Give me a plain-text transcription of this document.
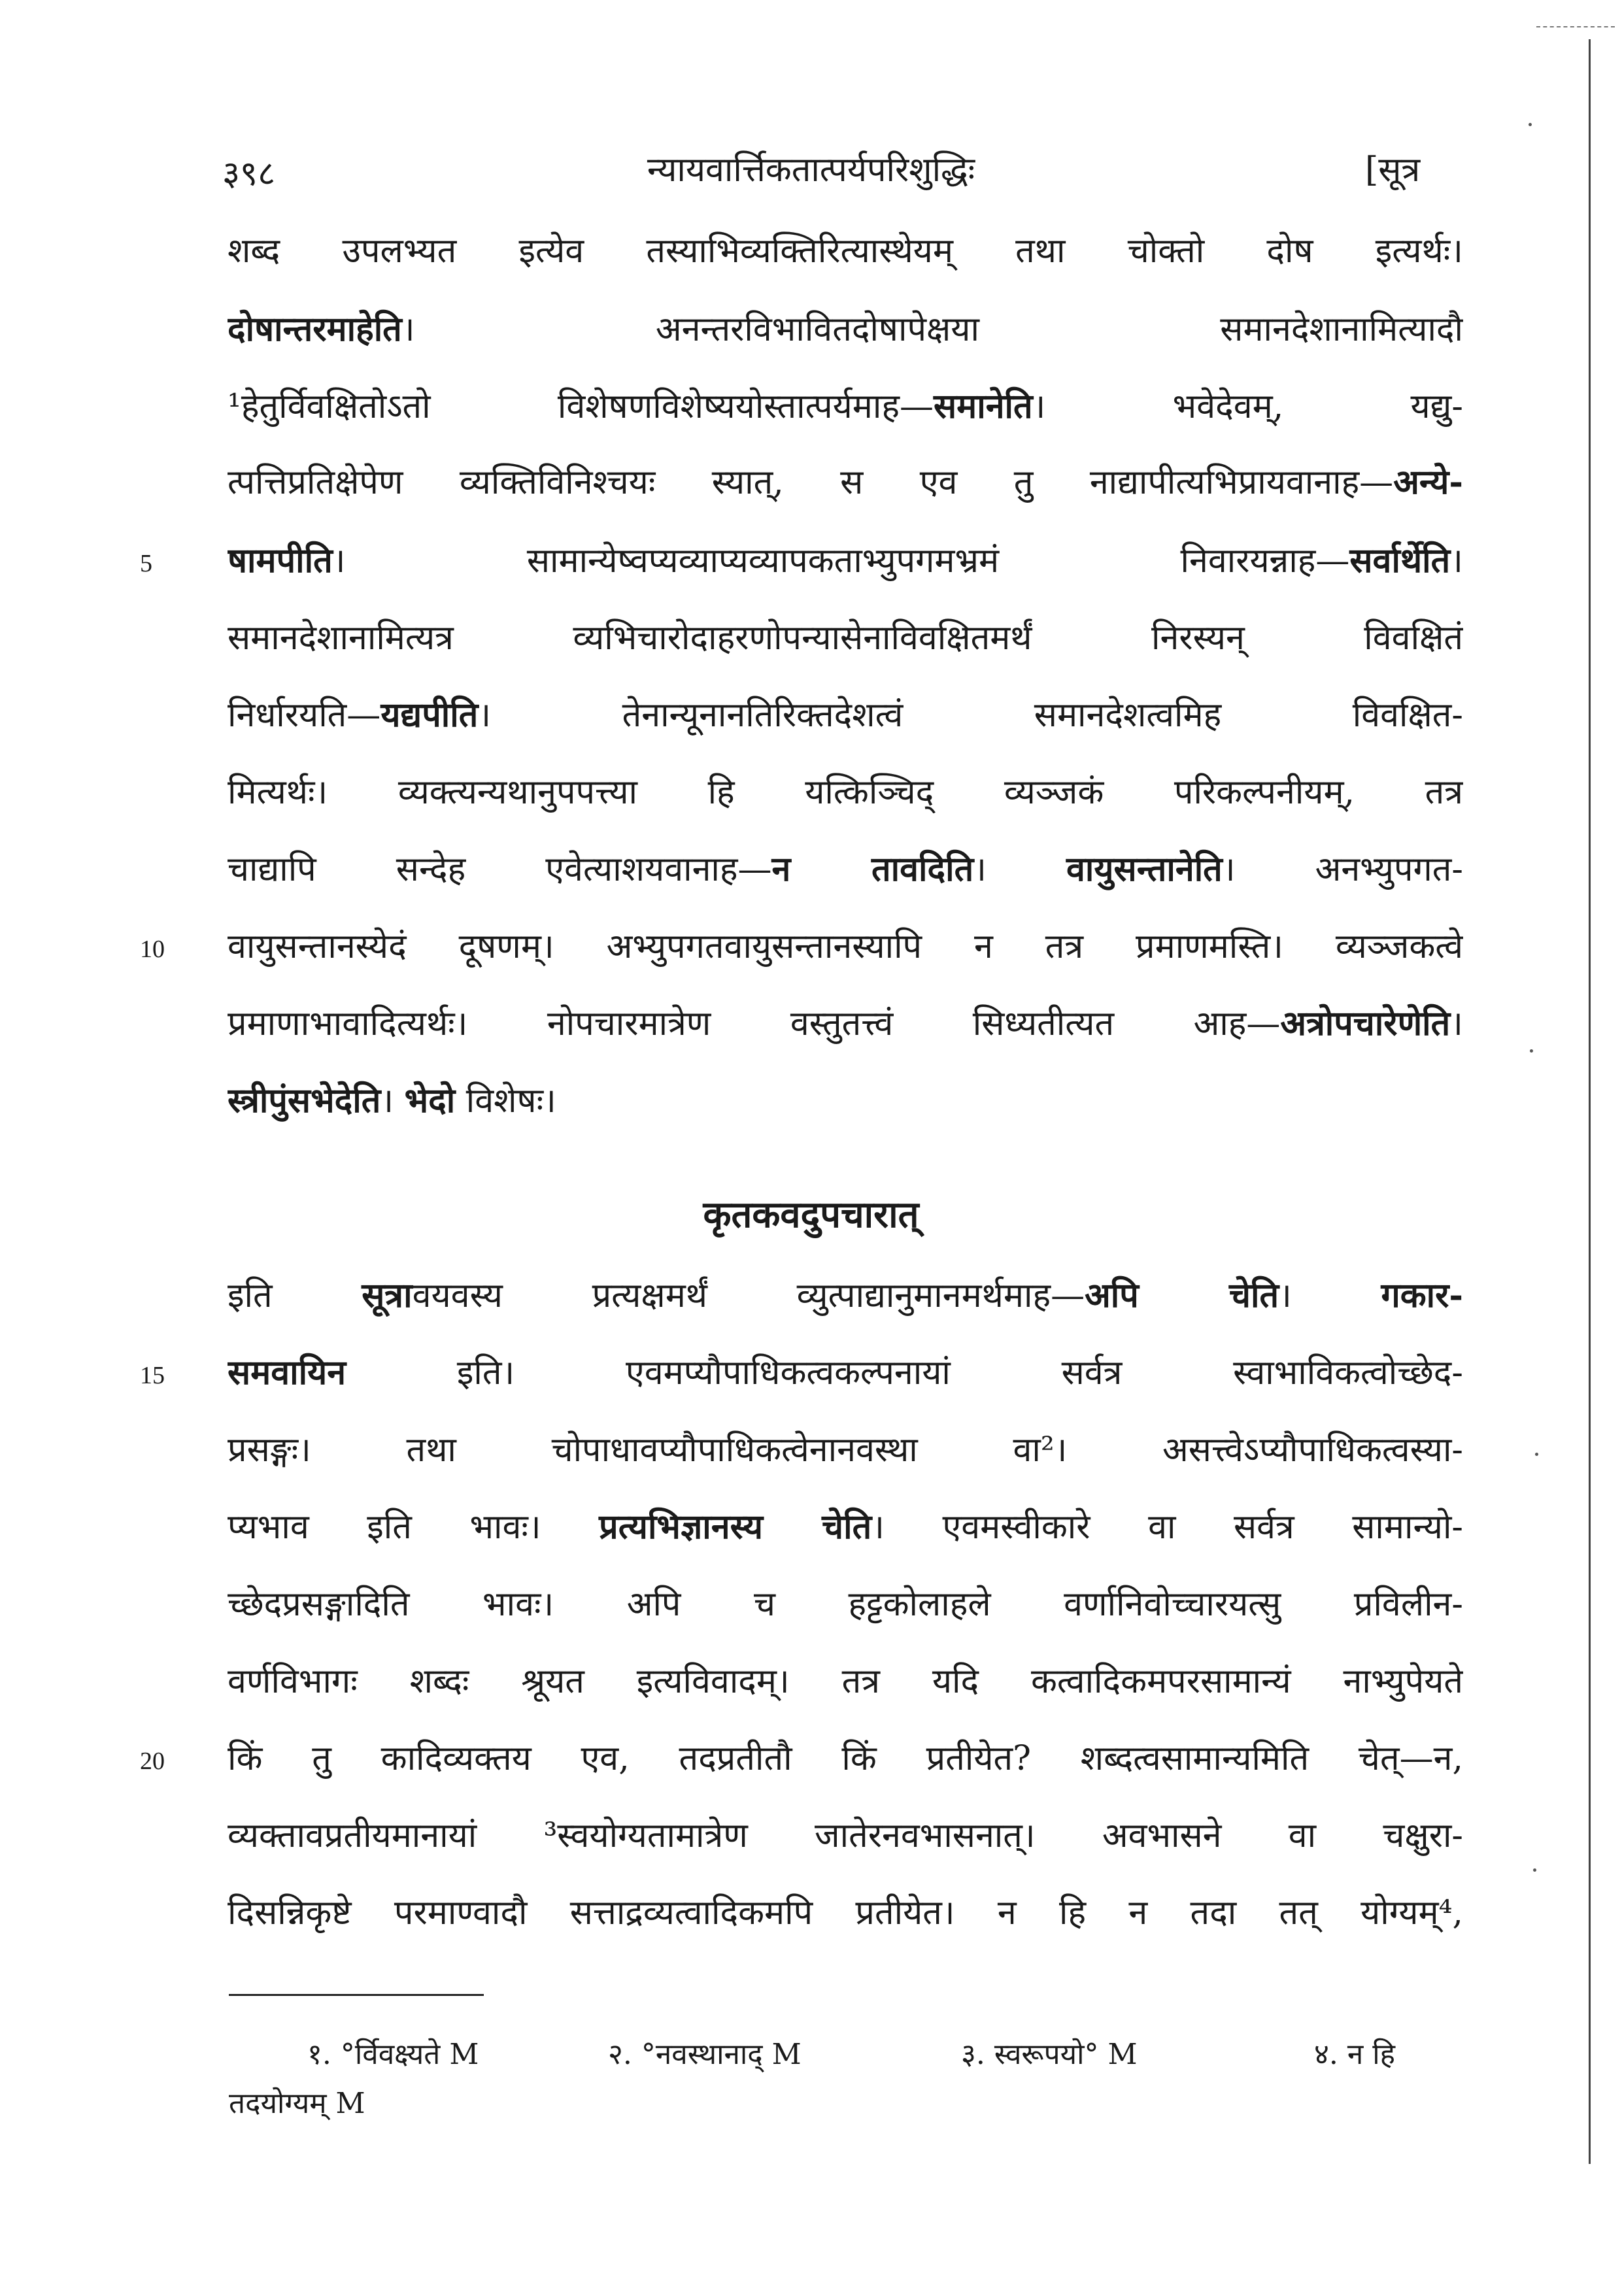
३९८	न्यायवार्त्तिकतात्पर्यपरिशुद्धिः	[सूत्र
शब्द उपलभ्यत इत्येव तस्याभिव्यक्तिरित्यास्थेयम् तथा चोक्तो दोष इत्यर्थः।
दोषान्तरमाहेति। अनन्तरविभावितदोषापेक्षया समानदेशानामित्यादौ
¹हेतुर्विवक्षितोऽतो विशेषणविशेष्ययोस्तात्पर्यमाह—समानेति। भवेदेवम्, यद्यु-
त्पत्तिप्रतिक्षेपेण व्यक्तिविनिश्चयः स्यात्, स एव तु नाद्यापीत्यभिप्रायवानाह—अन्ये-
षामपीति। सामान्येष्वप्यव्याप्यव्यापकताभ्युपगमभ्रमं निवारयन्नाह—सर्वार्थेति।
5
समानदेशानामित्यत्र व्यभिचारोदाहरणोपन्यासेनाविवक्षितमर्थं निरस्यन् विवक्षितं
निर्धारयति—यद्यपीति। तेनान्यूनानतिरिक्तदेशत्वं समानदेशत्वमिह विवक्षित-
मित्यर्थः। व्यक्त्यन्यथानुपपत्त्या हि यत्किञ्चिद् व्यञ्जकं परिकल्पनीयम्, तत्र
चाद्यापि सन्देह एवेत्याशयवानाह—न तावदिति। वायुसन्तानेति। अनभ्युपगत-
वायुसन्तानस्येदं दूषणम्। अभ्युपगतवायुसन्तानस्यापि न तत्र प्रमाणमस्ति। व्यञ्जकत्वे
10
प्रमाणाभावादित्यर्थः। नोपचारमात्रेण वस्तुतत्त्वं सिध्यतीत्यत आह—अत्रोपचारेणेति।
स्त्रीपुंसभेदेति। भेदो विशेषः।
इति सूत्रावयवस्य प्रत्यक्षमर्थं व्युत्पाद्यानुमानमर्थमाह—अपि चेति। गकार-
समवायिन इति। एवमप्यौपाधिकत्वकल्पनायां सर्वत्र स्वाभाविकत्वोच्छेद-
15
प्रसङ्गः। तथा चोपाधावप्यौपाधिकत्वेनानवस्था वा²। असत्त्वेऽप्यौपाधिकत्वस्या-
प्यभाव इति भावः। प्रत्यभिज्ञानस्य चेति। एवमस्वीकारे वा सर्वत्र सामान्यो-
च्छेदप्रसङ्गादिति भावः। अपि च हट्टकोलाहले वर्णानिवोच्चारयत्सु प्रविलीन-
वर्णविभागः शब्दः श्रूयत इत्यविवादम्। तत्र यदि कत्वादिकमपरसामान्यं नाभ्युपेयते
किं तु कादिव्यक्तय एव, तदप्रतीतौ किं प्रतीयेत? शब्दत्वसामान्यमिति चेत्—न,
20
व्यक्तावप्रतीयमानायां ³स्वयोग्यतामात्रेण जातेरनवभासनात्। अवभासने वा चक्षुरा-
दिसन्निकृष्टे परमाण्वादौ सत्ताद्रव्यत्वादिकमपि प्रतीयेत। न हि न तदा तत् योग्यम्⁴,
कृतकवदुपचारात्
१. °र्विवक्ष्यते M	२. °नवस्थानाद् M	३. स्वरूपयो° M	४. न हि
तदयोग्यम् M
